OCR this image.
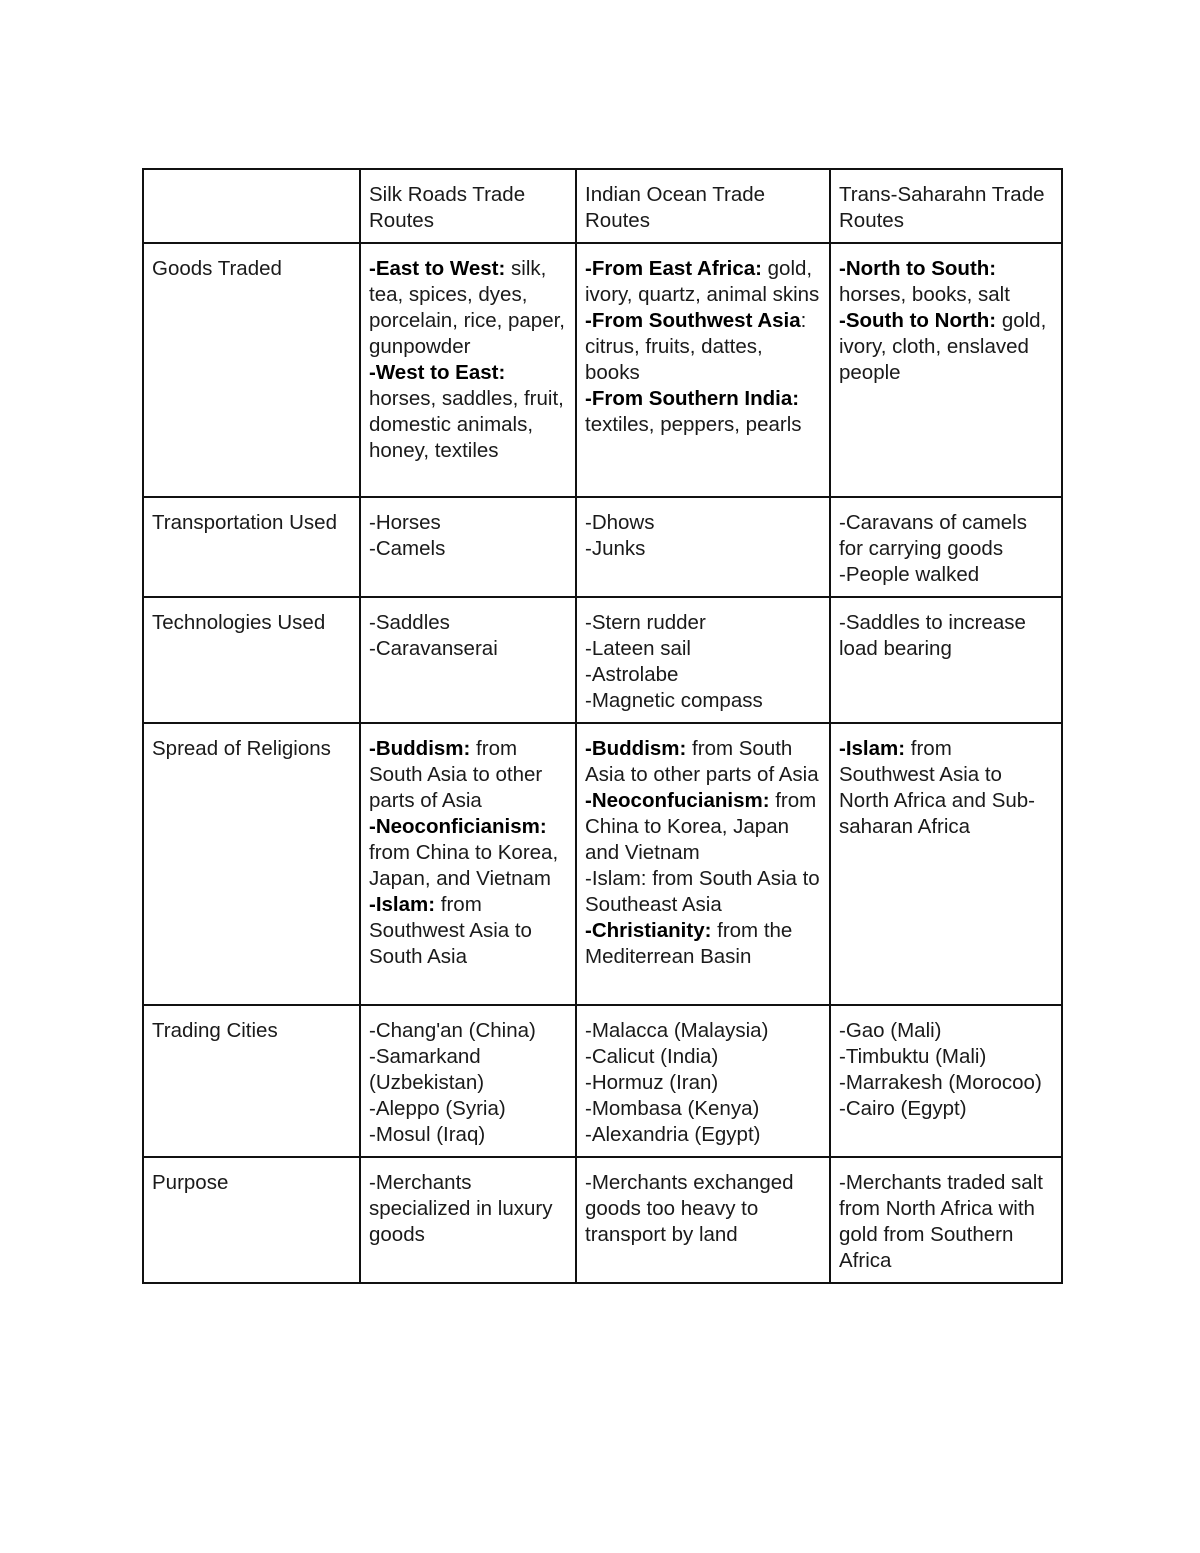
	Silk Roads Trade Routes	Indian Ocean Trade Routes	Trans-Saharahn Trade Routes
Goods Traded	-East to West: silk, tea, spices, dyes, porcelain, rice, paper, gunpowder
-West to East: horses, saddles, fruit, domestic animals, honey, textiles	-From East Africa: gold, ivory, quartz, animal skins
-From Southwest Asia: citrus, fruits, dattes, books
-From Southern India: textiles, peppers, pearls	-North to South: horses, books, salt
-South to North: gold, ivory, cloth, enslaved people

Transportation Used	-Horses
-Camels	-Dhows
-Junks	-Caravans of camels for carrying goods
-People walked

Technologies Used	-Saddles
-Caravanserai	-Stern rudder
-Lateen sail
-Astrolabe
-Magnetic compass	-Saddles to increase load bearing

Spread of Religions	-Buddism: from South Asia to other parts of Asia
-Neoconficianism: from China to Korea, Japan, and Vietnam
-Islam: from Southwest Asia to South Asia	-Buddism: from South Asia to other parts of Asia
-Neoconfucianism: from China to Korea, Japan and Vietnam
-Islam: from South Asia to Southeast Asia
-Christianity: from the Mediterrean Basin	-Islam: from Southwest Asia to North Africa and Sub-saharan Africa

Trading Cities	-Chang'an (China)
-Samarkand (Uzbekistan)
-Aleppo (Syria)
-Mosul (Iraq)	-Malacca (Malaysia)
-Calicut (India)
-Hormuz (Iran)
-Mombasa (Kenya)
-Alexandria (Egypt)	-Gao (Mali)
-Timbuktu (Mali)
-Marrakesh (Morocoo)
-Cairo (Egypt)

Purpose	-Merchants specialized in luxury goods	-Merchants exchanged goods too heavy to transport by land	-Merchants traded salt from North Africa with gold from Southern Africa
